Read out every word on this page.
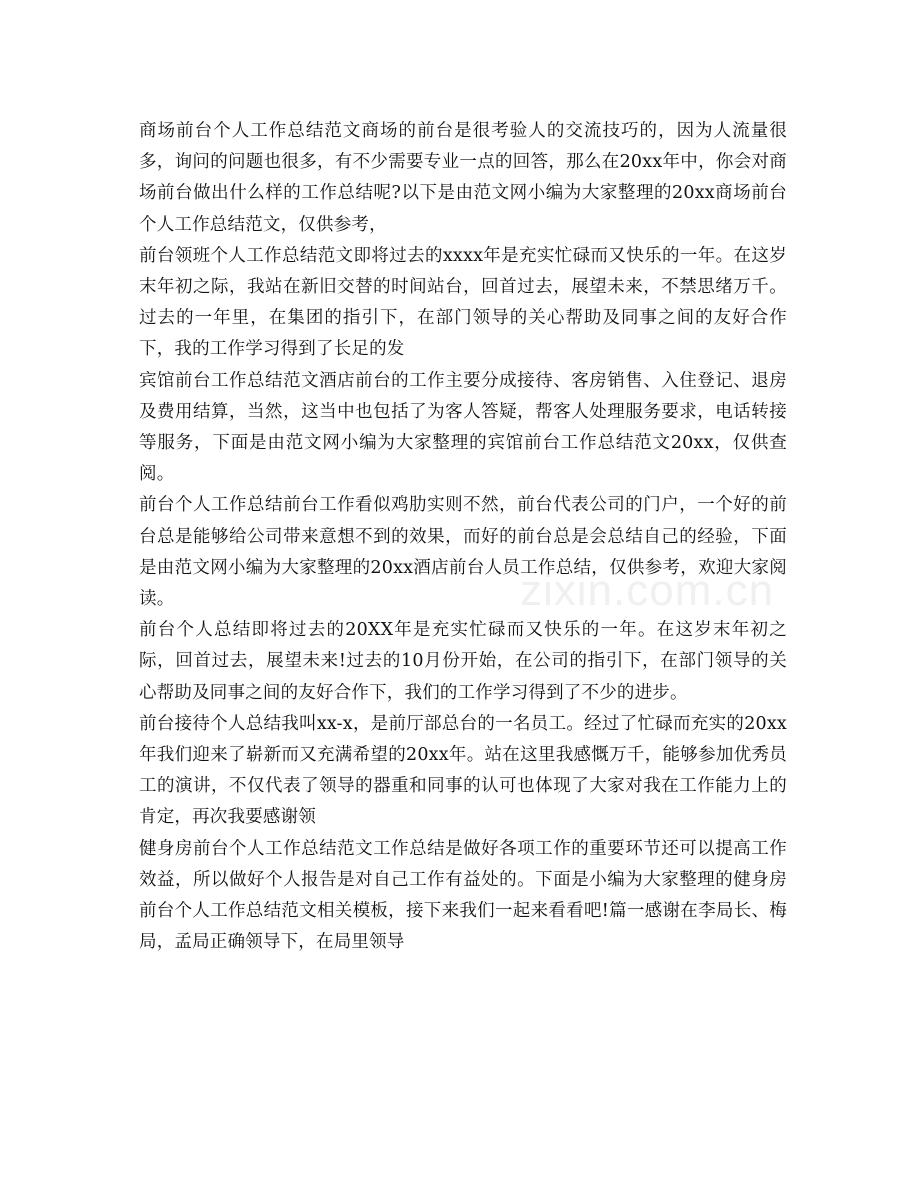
商场前台个人工作总结范文商场的前台是很考验人的交流技巧的，因为人流量很多，询问的问题也很多，有不少需要专业一点的回答，那么在20xx年中，你会对商场前台做出什么样的工作总结呢?以下是由范文网小编为大家整理的20xx商场前台个人工作总结范文，仅供参考，

前台领班个人工作总结范文即将过去的xxxx年是充实忙碌而又快乐的一年。在这岁末年初之际，我站在新旧交替的时间站台，回首过去，展望未来，不禁思绪万千。过去的一年里，在集团的指引下，在部门领导的关心帮助及同事之间的友好合作下，我的工作学习得到了长足的发

宾馆前台工作总结范文酒店前台的工作主要分成接待、客房销售、入住登记、退房及费用结算，当然，这当中也包括了为客人答疑，帮客人处理服务要求，电话转接等服务，下面是由范文网小编为大家整理的宾馆前台工作总结范文20xx，仅供查阅。

前台个人工作总结前台工作看似鸡肋实则不然，前台代表公司的门户，一个好的前台总是能够给公司带来意想不到的效果，而好的前台总是会总结自己的经验，下面是由范文网小编为大家整理的20xx酒店前台人员工作总结，仅供参考，欢迎大家阅读。

前台个人总结即将过去的20XX年是充实忙碌而又快乐的一年。在这岁末年初之际，回首过去，展望未来!过去的10月份开始，在公司的指引下，在部门领导的关心帮助及同事之间的友好合作下，我们的工作学习得到了不少的进步。

前台接待个人总结我叫xx-x，是前厅部总台的一名员工。经过了忙碌而充实的20xx年我们迎来了崭新而又充满希望的20xx年。站在这里我感慨万千，能够参加优秀员工的演讲，不仅代表了领导的器重和同事的认可也体现了大家对我在工作能力上的肯定，再次我要感谢领

健身房前台个人工作总结范文工作总结是做好各项工作的重要环节还可以提高工作效益，所以做好个人报告是对自己工作有益处的。下面是小编为大家整理的健身房前台个人工作总结范文相关模板，接下来我们一起来看看吧!篇一感谢在李局长、梅局，孟局正确领导下，在局里领导

zixin.com.cn
